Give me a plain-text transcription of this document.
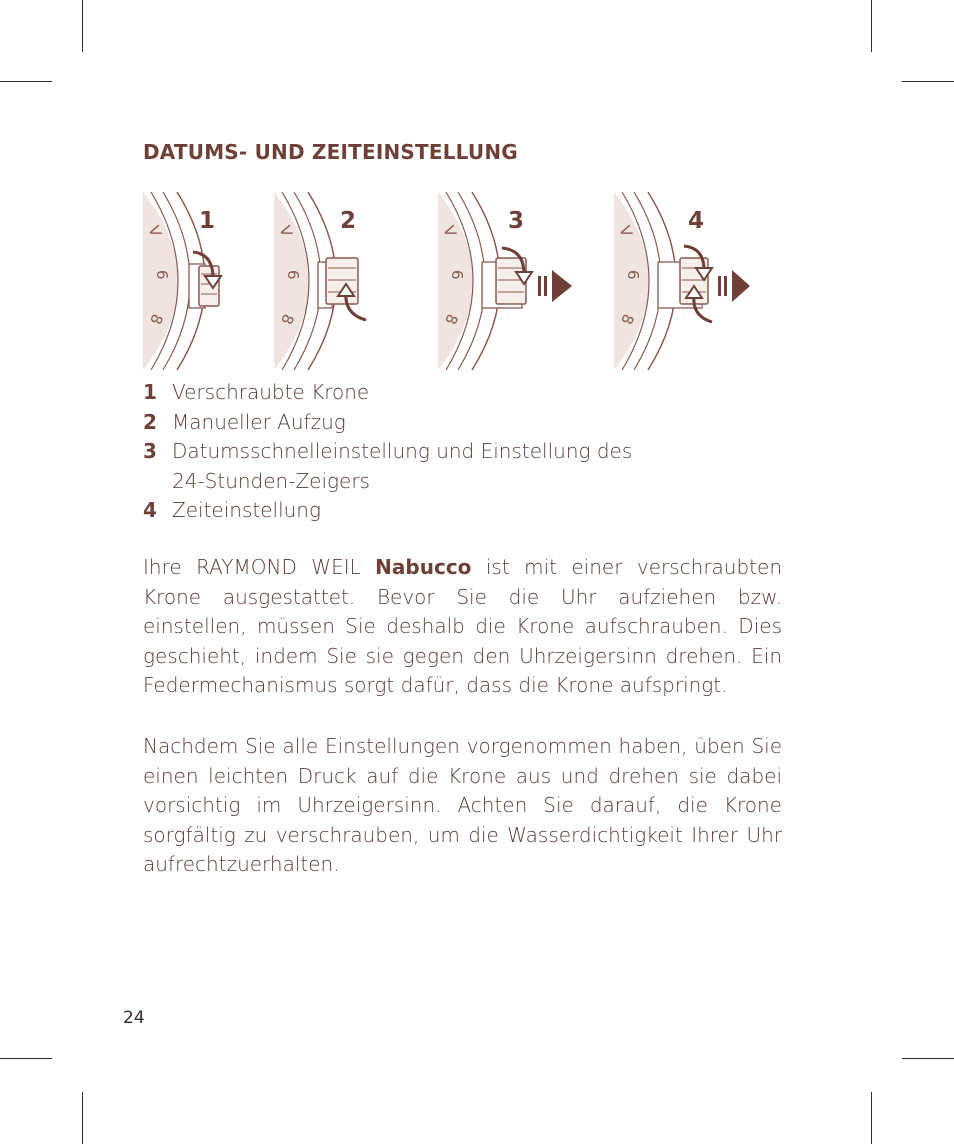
DATUMS- UND ZEITEINSTELLUNG
V
6
8
1	V
6
8
2	V
6
8
3	V
6
8
4
1 Verschraubte Krone
2 Manueller Aufzug
3 Datumsschnelleinstellung und Einstellung des 24-Stunden-Zeigers
4 Zeiteinstellung
Ihre RAYMOND WEIL Nabucco ist mit einer verschraubten Krone ausgestattet. Bevor Sie die Uhr aufziehen bzw. einstellen, müssen Sie deshalb die Krone aufschrauben. Dies geschieht, indem Sie sie gegen den Uhrzeigersinn drehen. Ein Federmechanismus sorgt dafür, dass die Krone aufspringt.
Nachdem Sie alle Einstellungen vorgenommen haben, üben Sie einen leichten Druck auf die Krone aus und drehen sie dabei vorsichtig im Uhrzeigersinn. Achten Sie darauf, die Krone sorgfältig zu verschrauben, um die Wasserdichtigkeit Ihrer Uhr aufrechtzuerhalten.
24
